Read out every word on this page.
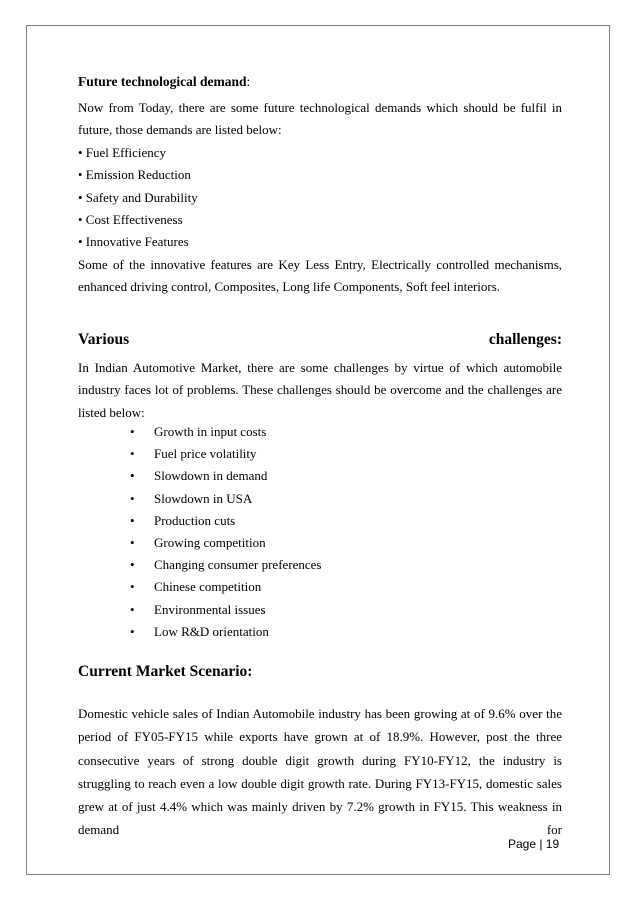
Future technological demand:

Now from Today, there are some future technological demands which should be fulfil in future, those demands are listed below:

• Fuel Efficiency

• Emission Reduction

• Safety and Durability

• Cost Effectiveness

• Innovative Features

Some of the innovative features are Key Less Entry, Electrically controlled mechanisms, enhanced driving control, Composites, Long life Components, Soft feel interiors.

Various	challenges:

In Indian Automotive Market, there are some challenges by virtue of which automobile industry faces lot of problems. These challenges should be overcome and the challenges are listed below:

•	Growth in input costs
•	Fuel price volatility
•	Slowdown in demand
•	Slowdown in USA
•	Production cuts
•	Growing competition
•	Changing consumer preferences
•	Chinese competition
•	Environmental issues
•	Low R&D orientation
Current Market Scenario:

Domestic vehicle sales of Indian Automobile industry has been growing at of 9.6% over the period of FY05-FY15 while exports have grown at of 18.9%. However, post the three consecutive years of strong double digit growth during FY10-FY12, the industry is struggling to reach even a low double digit growth rate. During FY13-FY15, domestic sales grew at of just 4.4% which was mainly driven by 7.2% growth in FY15. This weakness in demand for

Page | 19
